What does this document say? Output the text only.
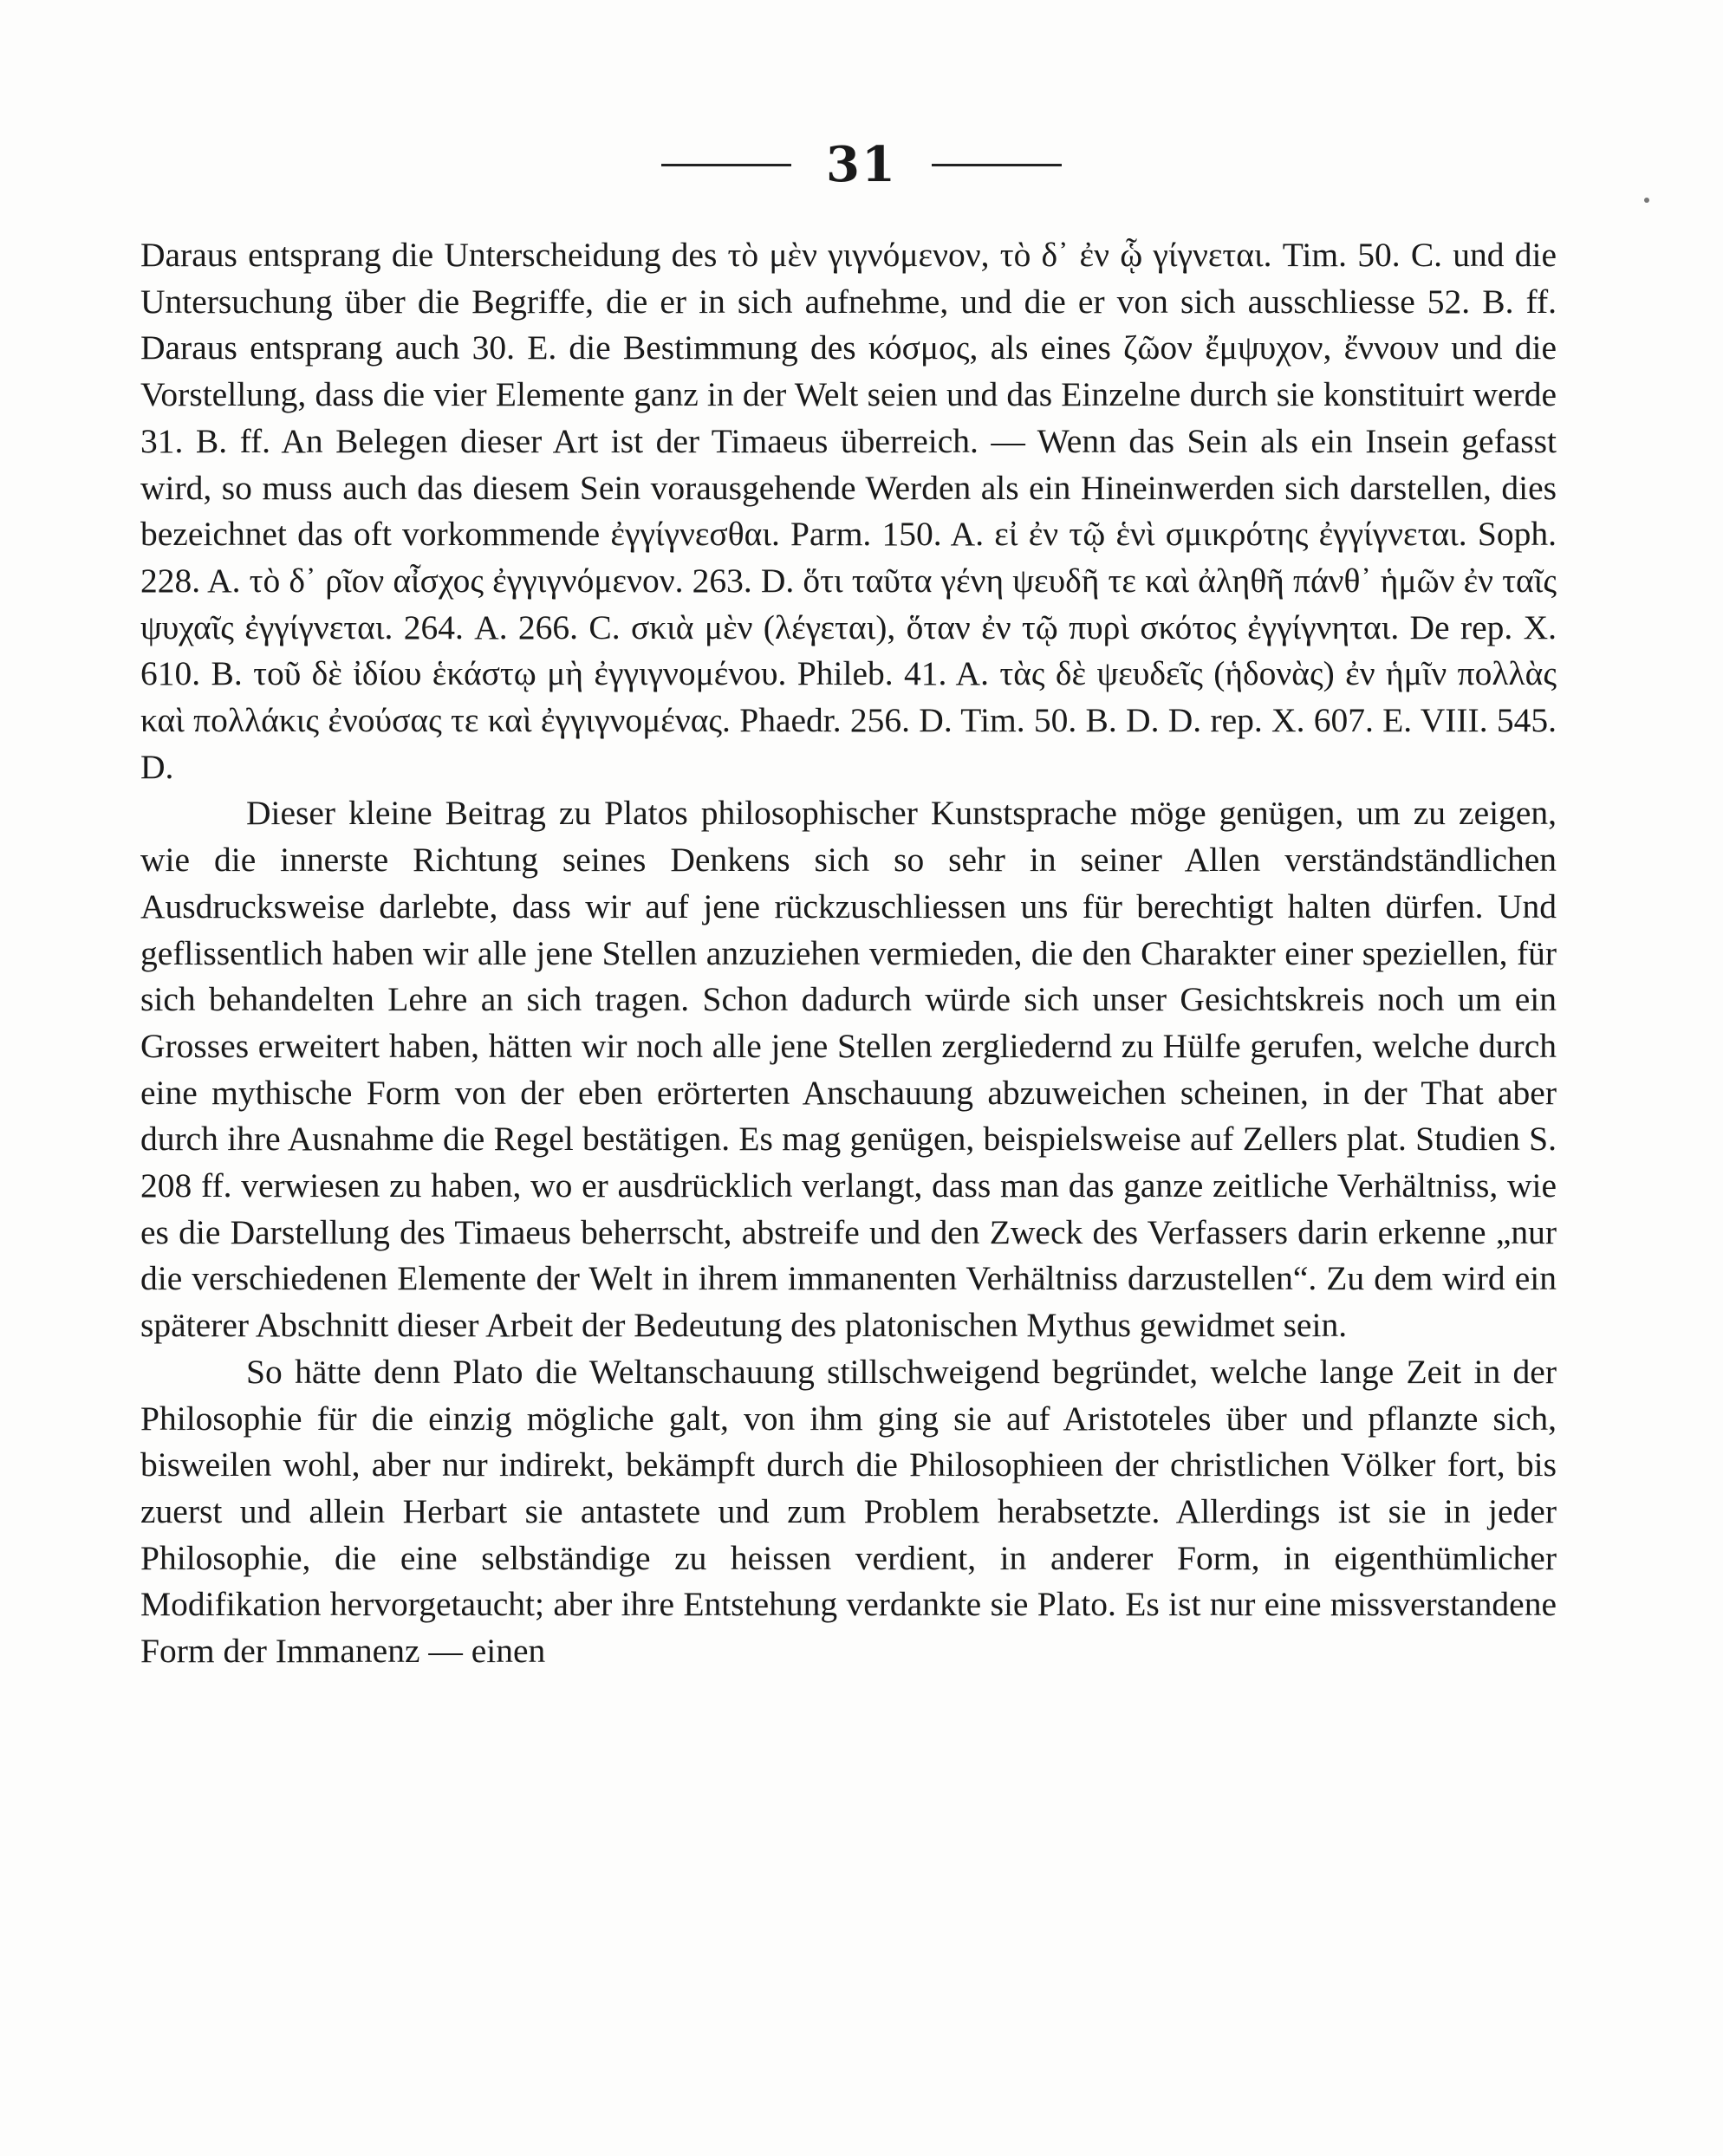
31

Daraus entsprang die Unterscheidung des τὸ μὲν γιγνόμενον, τὸ δ᾽ ἐν ᾧ γίγνεται. Tim. 50. C. und die Untersuchung über die Begriffe, die er in sich aufnehme, und die er von sich ausschliesse 52. B. ff. Daraus entsprang auch 30. E. die Bestimmung des κόσμος, als eines ζῶον ἔμψυχον, ἔννουν und die Vorstellung, dass die vier Elemente ganz in der Welt seien und das Einzelne durch sie konstituirt werde 31. B. ff. An Belegen dieser Art ist der Timaeus überreich. — Wenn das Sein als ein Insein gefasst wird, so muss auch das diesem Sein vorausgehende Werden als ein Hineinwerden sich darstellen, dies bezeichnet das oft vorkommende ἐγγίγνεσθαι. Parm. 150. A. εἰ ἐν τῷ ἑνὶ σμικρότης ἐγγίγνεται. Soph. 228. A. τὸ δ᾽ ρῖον αἶσχος ἐγγιγνόμενον. 263. D. ὅτι ταῦτα γένη ψευδῆ τε καὶ ἀληθῆ πάνθ᾽ ἡμῶν ἐν ταῖς ψυχαῖς ἐγγίγνεται. 264. A. 266. C. σκιὰ μὲν (λέγεται), ὅταν ἐν τῷ πυρὶ σκότος ἐγγίγνηται. De rep. X. 610. B. τοῦ δὲ ἰδίου ἑκάστῳ μὴ ἐγγιγνομένου. Phileb. 41. A. τὰς δὲ ψευδεῖς (ἡδονὰς) ἐν ἡμῖν πολλὰς καὶ πολλάκις ἐνούσας τε καὶ ἐγγιγνομένας. Phaedr. 256. D. Tim. 50. B. D. D. rep. X. 607. E. VIII. 545. D.

Dieser kleine Beitrag zu Platos philosophischer Kunstsprache möge genügen, um zu zeigen, wie die innerste Richtung seines Denkens sich so sehr in seiner Allen verständständlichen Ausdrucksweise darlebte, dass wir auf jene rückzuschliessen uns für berechtigt halten dürfen. Und geflissentlich haben wir alle jene Stellen anzuziehen vermieden, die den Charakter einer speziellen, für sich behandelten Lehre an sich tragen. Schon dadurch würde sich unser Gesichtskreis noch um ein Grosses erweitert haben, hätten wir noch alle jene Stellen zergliedernd zu Hülfe gerufen, welche durch eine mythische Form von der eben erörterten Anschauung abzuweichen scheinen, in der That aber durch ihre Ausnahme die Regel bestätigen. Es mag genügen, beispielsweise auf Zellers plat. Studien S. 208 ff. verwiesen zu haben, wo er ausdrücklich verlangt, dass man das ganze zeitliche Verhältniss, wie es die Darstellung des Timaeus beherrscht, abstreife und den Zweck des Verfassers darin erkenne „nur die verschiedenen Elemente der Welt in ihrem immanenten Verhältniss darzustellen“. Zu dem wird ein späterer Abschnitt dieser Arbeit der Bedeutung des platonischen Mythus gewidmet sein.

So hätte denn Plato die Weltanschauung stillschweigend begründet, welche lange Zeit in der Philosophie für die einzig mögliche galt, von ihm ging sie auf Aristoteles über und pflanzte sich, bisweilen wohl, aber nur indirekt, bekämpft durch die Philosophieen der christlichen Völker fort, bis zuerst und allein Herbart sie antastete und zum Problem herabsetzte. Allerdings ist sie in jeder Philosophie, die eine selbständige zu heissen verdient, in anderer Form, in eigenthümlicher Modifikation hervorgetaucht; aber ihre Entstehung verdankte sie Plato. Es ist nur eine missverstandene Form der Immanenz — einen
